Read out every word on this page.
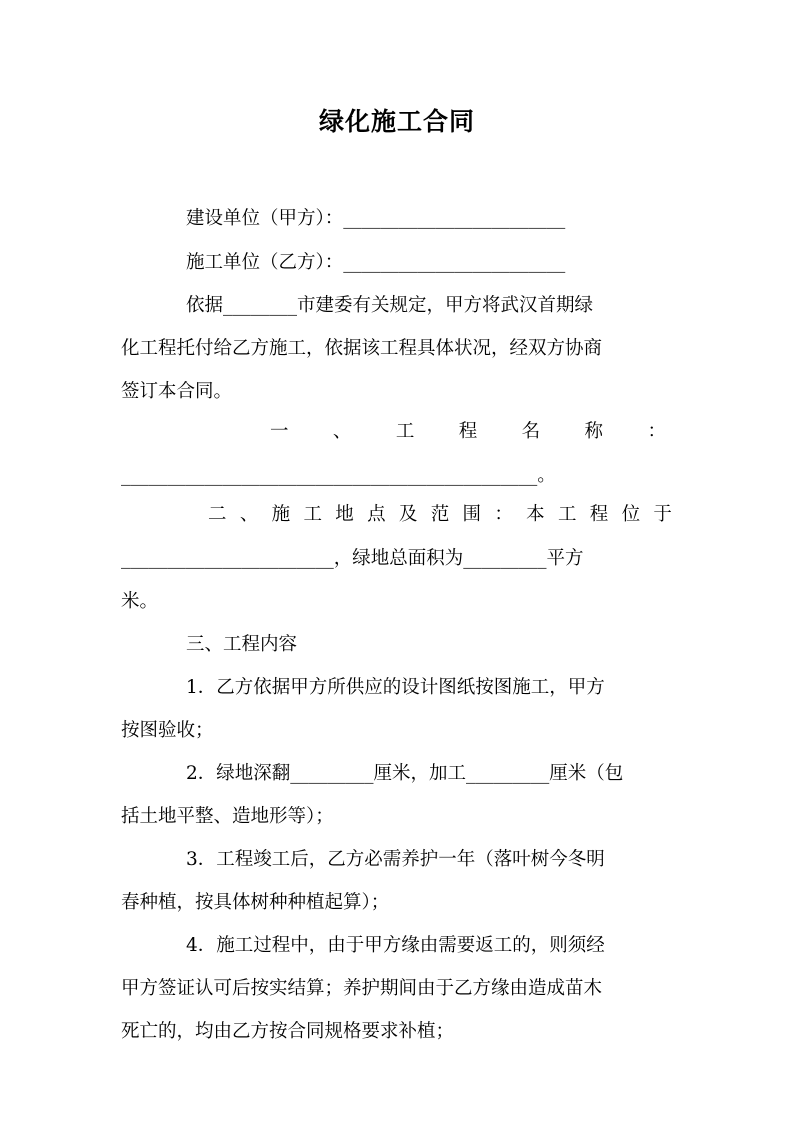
绿化施工合同
建设单位（甲方）：________________________
施工单位（乙方）：________________________
依据________市建委有关规定，甲方将武汉首期绿
化工程托付给乙方施工，依据该工程具体状况，经双方协商
签订本合同。
一 、 工 程 名 称 ：
_____________________________________________。
二 、 施 工 地 点 及 范 围 ： 本 工 程 位 于
_______________________，绿地总面积为_________平方
米。
三、工程内容
1．乙方依据甲方所供应的设计图纸按图施工，甲方
按图验收；
2．绿地深翻_________厘米，加工_________厘米（包
括土地平整、造地形等）；
3．工程竣工后，乙方必需养护一年（落叶树今冬明
春种植，按具体树种种植起算）；
4．施工过程中，由于甲方缘由需要返工的，则须经
甲方签证认可后按实结算；养护期间由于乙方缘由造成苗木
死亡的，均由乙方按合同规格要求补植；
